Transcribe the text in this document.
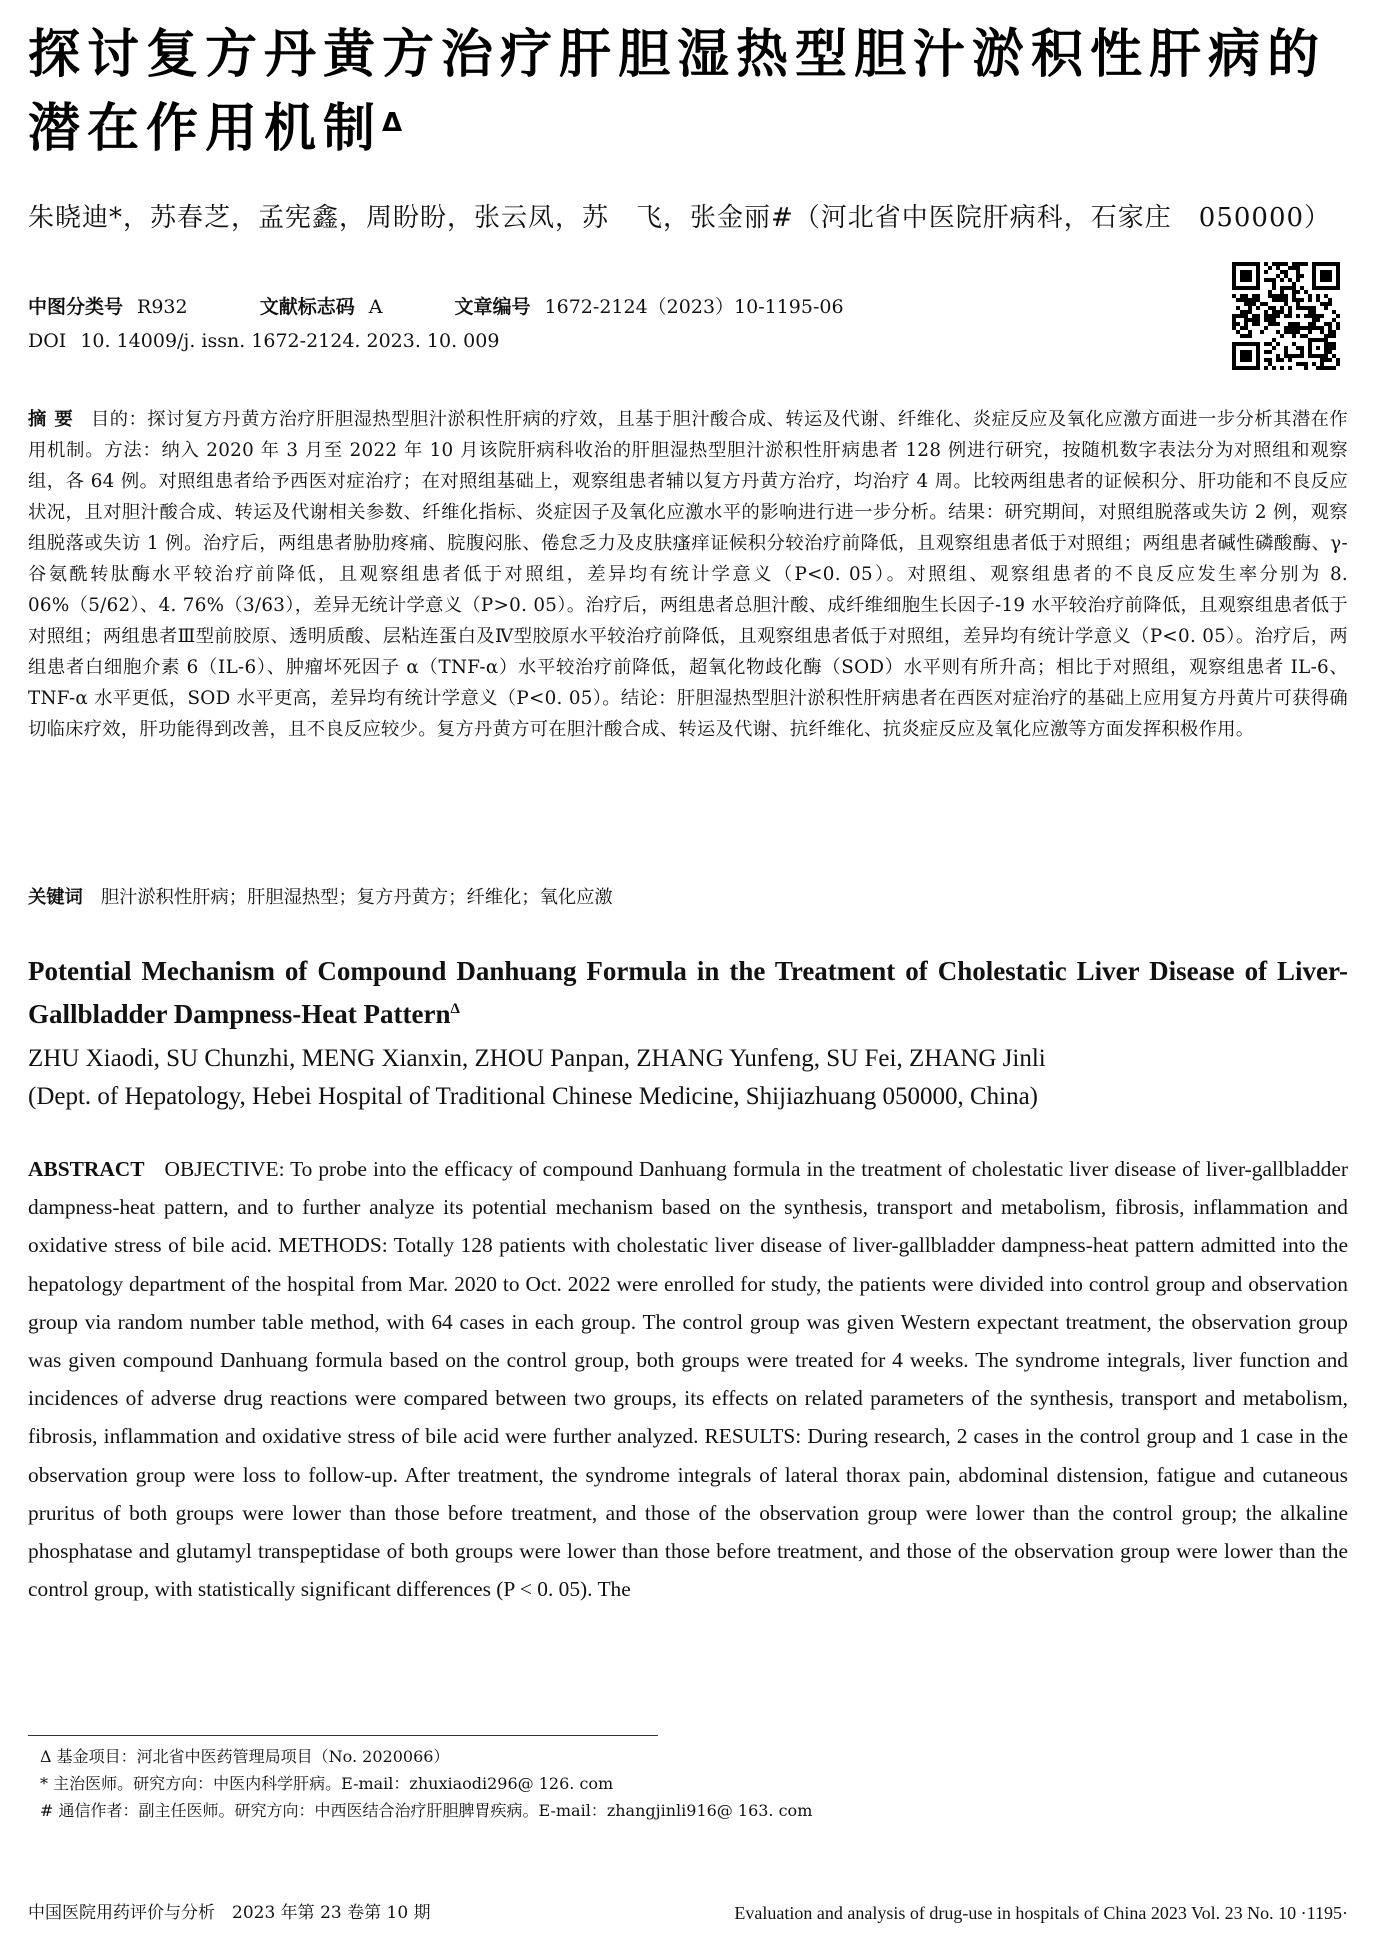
探讨复方丹黄方治疗肝胆湿热型胆汁淤积性肝病的潜在作用机制$^\Delta$
朱晓迪*，苏春芝，孟宪鑫，周盼盼，张云凤，苏　飞，张金丽#（河北省中医院肝病科，石家庄　050000）
中图分类号 R932	文献标志码 A	文章编号 1672-2124（2023）10-1195-06
DOI 10. 14009/j. issn. 1672-2124. 2023. 10. 009
摘要 目的：探讨复方丹黄方治疗肝胆湿热型胆汁淤积性肝病的疗效，且基于胆汁酸合成、转运及代谢、纤维化、炎症反应及氧化应激方面进一步分析其潜在作用机制。方法：纳入 2020 年 3 月至 2022 年 10 月该院肝病科收治的肝胆湿热型胆汁淤积性肝病患者 128 例进行研究，按随机数字表法分为对照组和观察组，各 64 例。对照组患者给予西医对症治疗；在对照组基础上，观察组患者辅以复方丹黄方治疗，均治疗 4 周。比较两组患者的证候积分、肝功能和不良反应状况，且对胆汁酸合成、转运及代谢相关参数、纤维化指标、炎症因子及氧化应激水平的影响进行进一步分析。结果：研究期间，对照组脱落或失访 2 例，观察组脱落或失访 1 例。治疗后，两组患者胁肋疼痛、脘腹闷胀、倦怠乏力及皮肤瘙痒证候积分较治疗前降低，且观察组患者低于对照组；两组患者碱性磷酸酶、γ-谷氨酰转肽酶水平较治疗前降低，且观察组患者低于对照组，差异均有统计学意义（P<0. 05）。对照组、观察组患者的不良反应发生率分别为 8. 06%（5/62）、4. 76%（3/63），差异无统计学意义（P>0. 05）。治疗后，两组患者总胆汁酸、成纤维细胞生长因子-19 水平较治疗前降低，且观察组患者低于对照组；两组患者Ⅲ型前胶原、透明质酸、层粘连蛋白及Ⅳ型胶原水平较治疗前降低，且观察组患者低于对照组，差异均有统计学意义（P<0. 05）。治疗后，两组患者白细胞介素 6（IL-6）、肿瘤坏死因子 α（TNF-α）水平较治疗前降低，超氧化物歧化酶（SOD）水平则有所升高；相比于对照组，观察组患者 IL-6、TNF-α 水平更低，SOD 水平更高，差异均有统计学意义（P<0. 05）。结论：肝胆湿热型胆汁淤积性肝病患者在西医对症治疗的基础上应用复方丹黄片可获得确切临床疗效，肝功能得到改善，且不良反应较少。复方丹黄方可在胆汁酸合成、转运及代谢、抗纤维化、抗炎症反应及氧化应激等方面发挥积极作用。
关键词 胆汁淤积性肝病；肝胆湿热型；复方丹黄方；纤维化；氧化应激
Potential Mechanism of Compound Danhuang Formula in the Treatment of Cholestatic Liver Disease of Liver-Gallbladder Dampness-Heat Pattern$^\Delta$
ZHU Xiaodi, SU Chunzhi, MENG Xianxin, ZHOU Panpan, ZHANG Yunfeng, SU Fei, ZHANG Jinli
(Dept. of Hepatology, Hebei Hospital of Traditional Chinese Medicine, Shijiazhuang 050000, China)
ABSTRACT OBJECTIVE: To probe into the efficacy of compound Danhuang formula in the treatment of cholestatic liver disease of liver-gallbladder dampness-heat pattern, and to further analyze its potential mechanism based on the synthesis, transport and metabolism, fibrosis, inflammation and oxidative stress of bile acid. METHODS: Totally 128 patients with cholestatic liver disease of liver-gallbladder dampness-heat pattern admitted into the hepatology department of the hospital from Mar. 2020 to Oct. 2022 were enrolled for study, the patients were divided into control group and observation group via random number table method, with 64 cases in each group. The control group was given Western expectant treatment, the observation group was given compound Danhuang formula based on the control group, both groups were treated for 4 weeks. The syndrome integrals, liver function and incidences of adverse drug reactions were compared between two groups, its effects on related parameters of the synthesis, transport and metabolism, fibrosis, inflammation and oxidative stress of bile acid were further analyzed. RESULTS: During research, 2 cases in the control group and 1 case in the observation group were loss to follow-up. After treatment, the syndrome integrals of lateral thorax pain, abdominal distension, fatigue and cutaneous pruritus of both groups were lower than those before treatment, and those of the observation group were lower than the control group; the alkaline phosphatase and glutamyl transpeptidase of both groups were lower than those before treatment, and those of the observation group were lower than the control group, with statistically significant differences (P < 0. 05). The
Δ 基金项目：河北省中医药管理局项目（No. 2020066）
* 主治医师。研究方向：中医内科学肝病。E-mail：zhuxiaodi296@ 126. com
# 通信作者：副主任医师。研究方向：中西医结合治疗肝胆脾胃疾病。E-mail：zhangjinli916@ 163. com
中国医院用药评价与分析　2023 年第 23 卷第 10 期	Evaluation and analysis of drug-use in hospitals of China 2023 Vol. 23 No. 10 ·1195·
